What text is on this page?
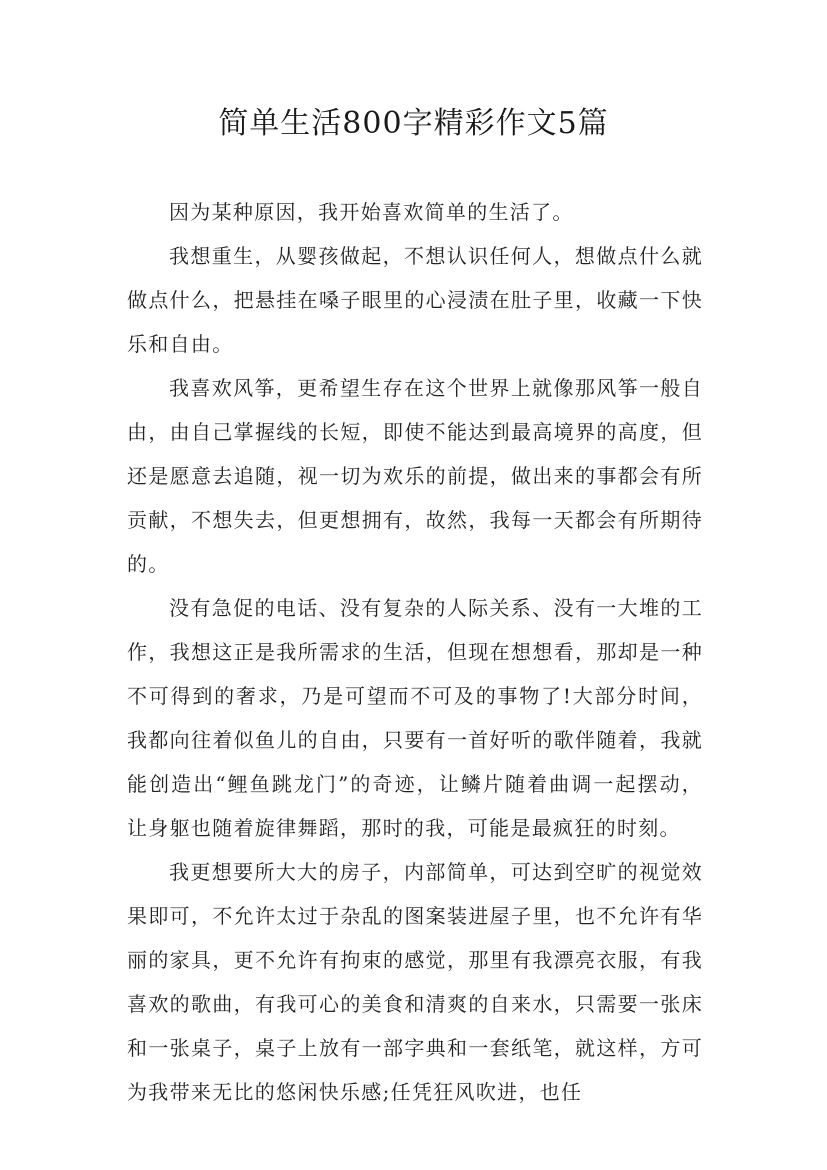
简单生活800字精彩作文5篇

因为某种原因，我开始喜欢简单的生活了。

我想重生，从婴孩做起，不想认识任何人，想做点什么就做点什么，把悬挂在嗓子眼里的心浸渍在肚子里，收藏一下快乐和自由。

我喜欢风筝，更希望生存在这个世界上就像那风筝一般自由，由自己掌握线的长短，即使不能达到最高境界的高度，但还是愿意去追随，视一切为欢乐的前提，做出来的事都会有所贡献，不想失去，但更想拥有，故然，我每一天都会有所期待的。

没有急促的电话、没有复杂的人际关系、没有一大堆的工作，我想这正是我所需求的生活，但现在想想看，那却是一种不可得到的奢求，乃是可望而不可及的事物了!大部分时间，我都向往着似鱼儿的自由，只要有一首好听的歌伴随着，我就能创造出“鲤鱼跳龙门”的奇迹，让鳞片随着曲调一起摆动，让身躯也随着旋律舞蹈，那时的我，可能是最疯狂的时刻。

我更想要所大大的房子，内部简单，可达到空旷的视觉效果即可，不允许太过于杂乱的图案装进屋子里，也不允许有华丽的家具，更不允许有拘束的感觉，那里有我漂亮衣服，有我喜欢的歌曲，有我可心的美食和清爽的自来水，只需要一张床和一张桌子，桌子上放有一部字典和一套纸笔，就这样，方可为我带来无比的悠闲快乐感;任凭狂风吹进，也任
